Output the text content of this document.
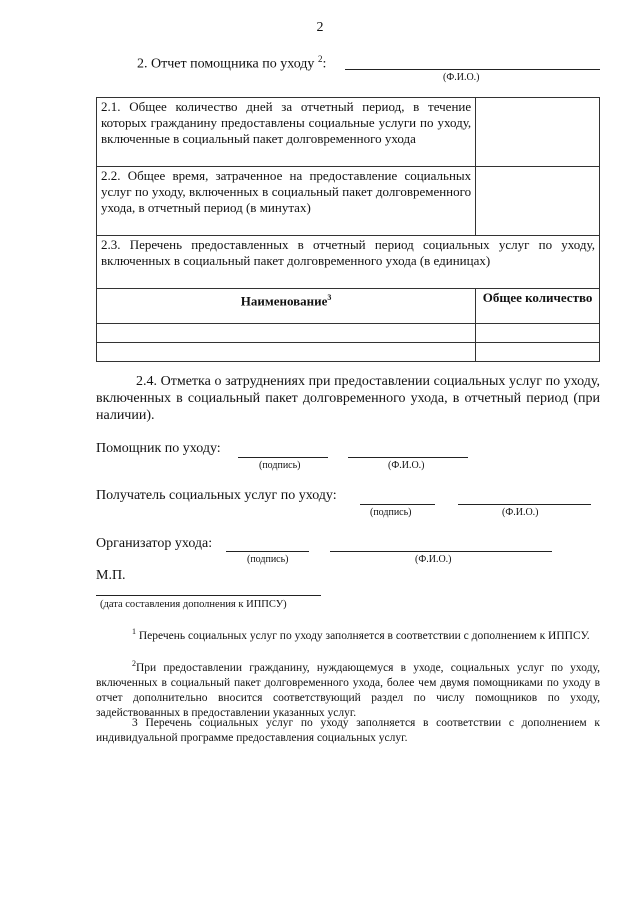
2
2. Отчет помощника по уходу $^2$:
(Ф.И.О.)
2.1. Общее количество дней за отчетный период, в течение которых гражданину предоставлены социальные услуги по уходу, включенные в социальный пакет долговременного ухода	
2.2. Общее время, затраченное на предоставление социальных услуг по уходу, включенных в социальный пакет долговременного ухода, в отчетный период (в минутах)	
2.3. Перечень предоставленных в отчетный период социальных услуг по уходу, включенных в социальный пакет долговременного ухода (в единицах)	
Наименование$^3$	Общее количество

2.4. Отметка о затруднениях при предоставлении социальных услуг по уходу, включенных в социальный пакет долговременного ухода, в отчетный период (при наличии).
Помощник по уходу:
(подпись)	(Ф.И.О.)
Получатель социальных услуг по уходу:
(подпись)	(Ф.И.О.)
Организатор ухода:
(подпись)	(Ф.И.О.)
М.П.
(дата составления дополнения к ИППСУ)
$^1$ Перечень социальных услуг по уходу заполняется в соответствии с дополнением к ИППСУ.
$^2$При предоставлении гражданину, нуждающемуся в уходе, социальных услуг по уходу, включенных в социальный пакет долговременного ухода, более чем двумя помощниками по уходу в отчет дополнительно вносится соответствующий раздел по числу помощников по уходу, задействованных в предоставлении указанных услуг.
3 Перечень социальных услуг по уходу заполняется в соответствии с дополнением к индивидуальной программе предоставления социальных услуг.
